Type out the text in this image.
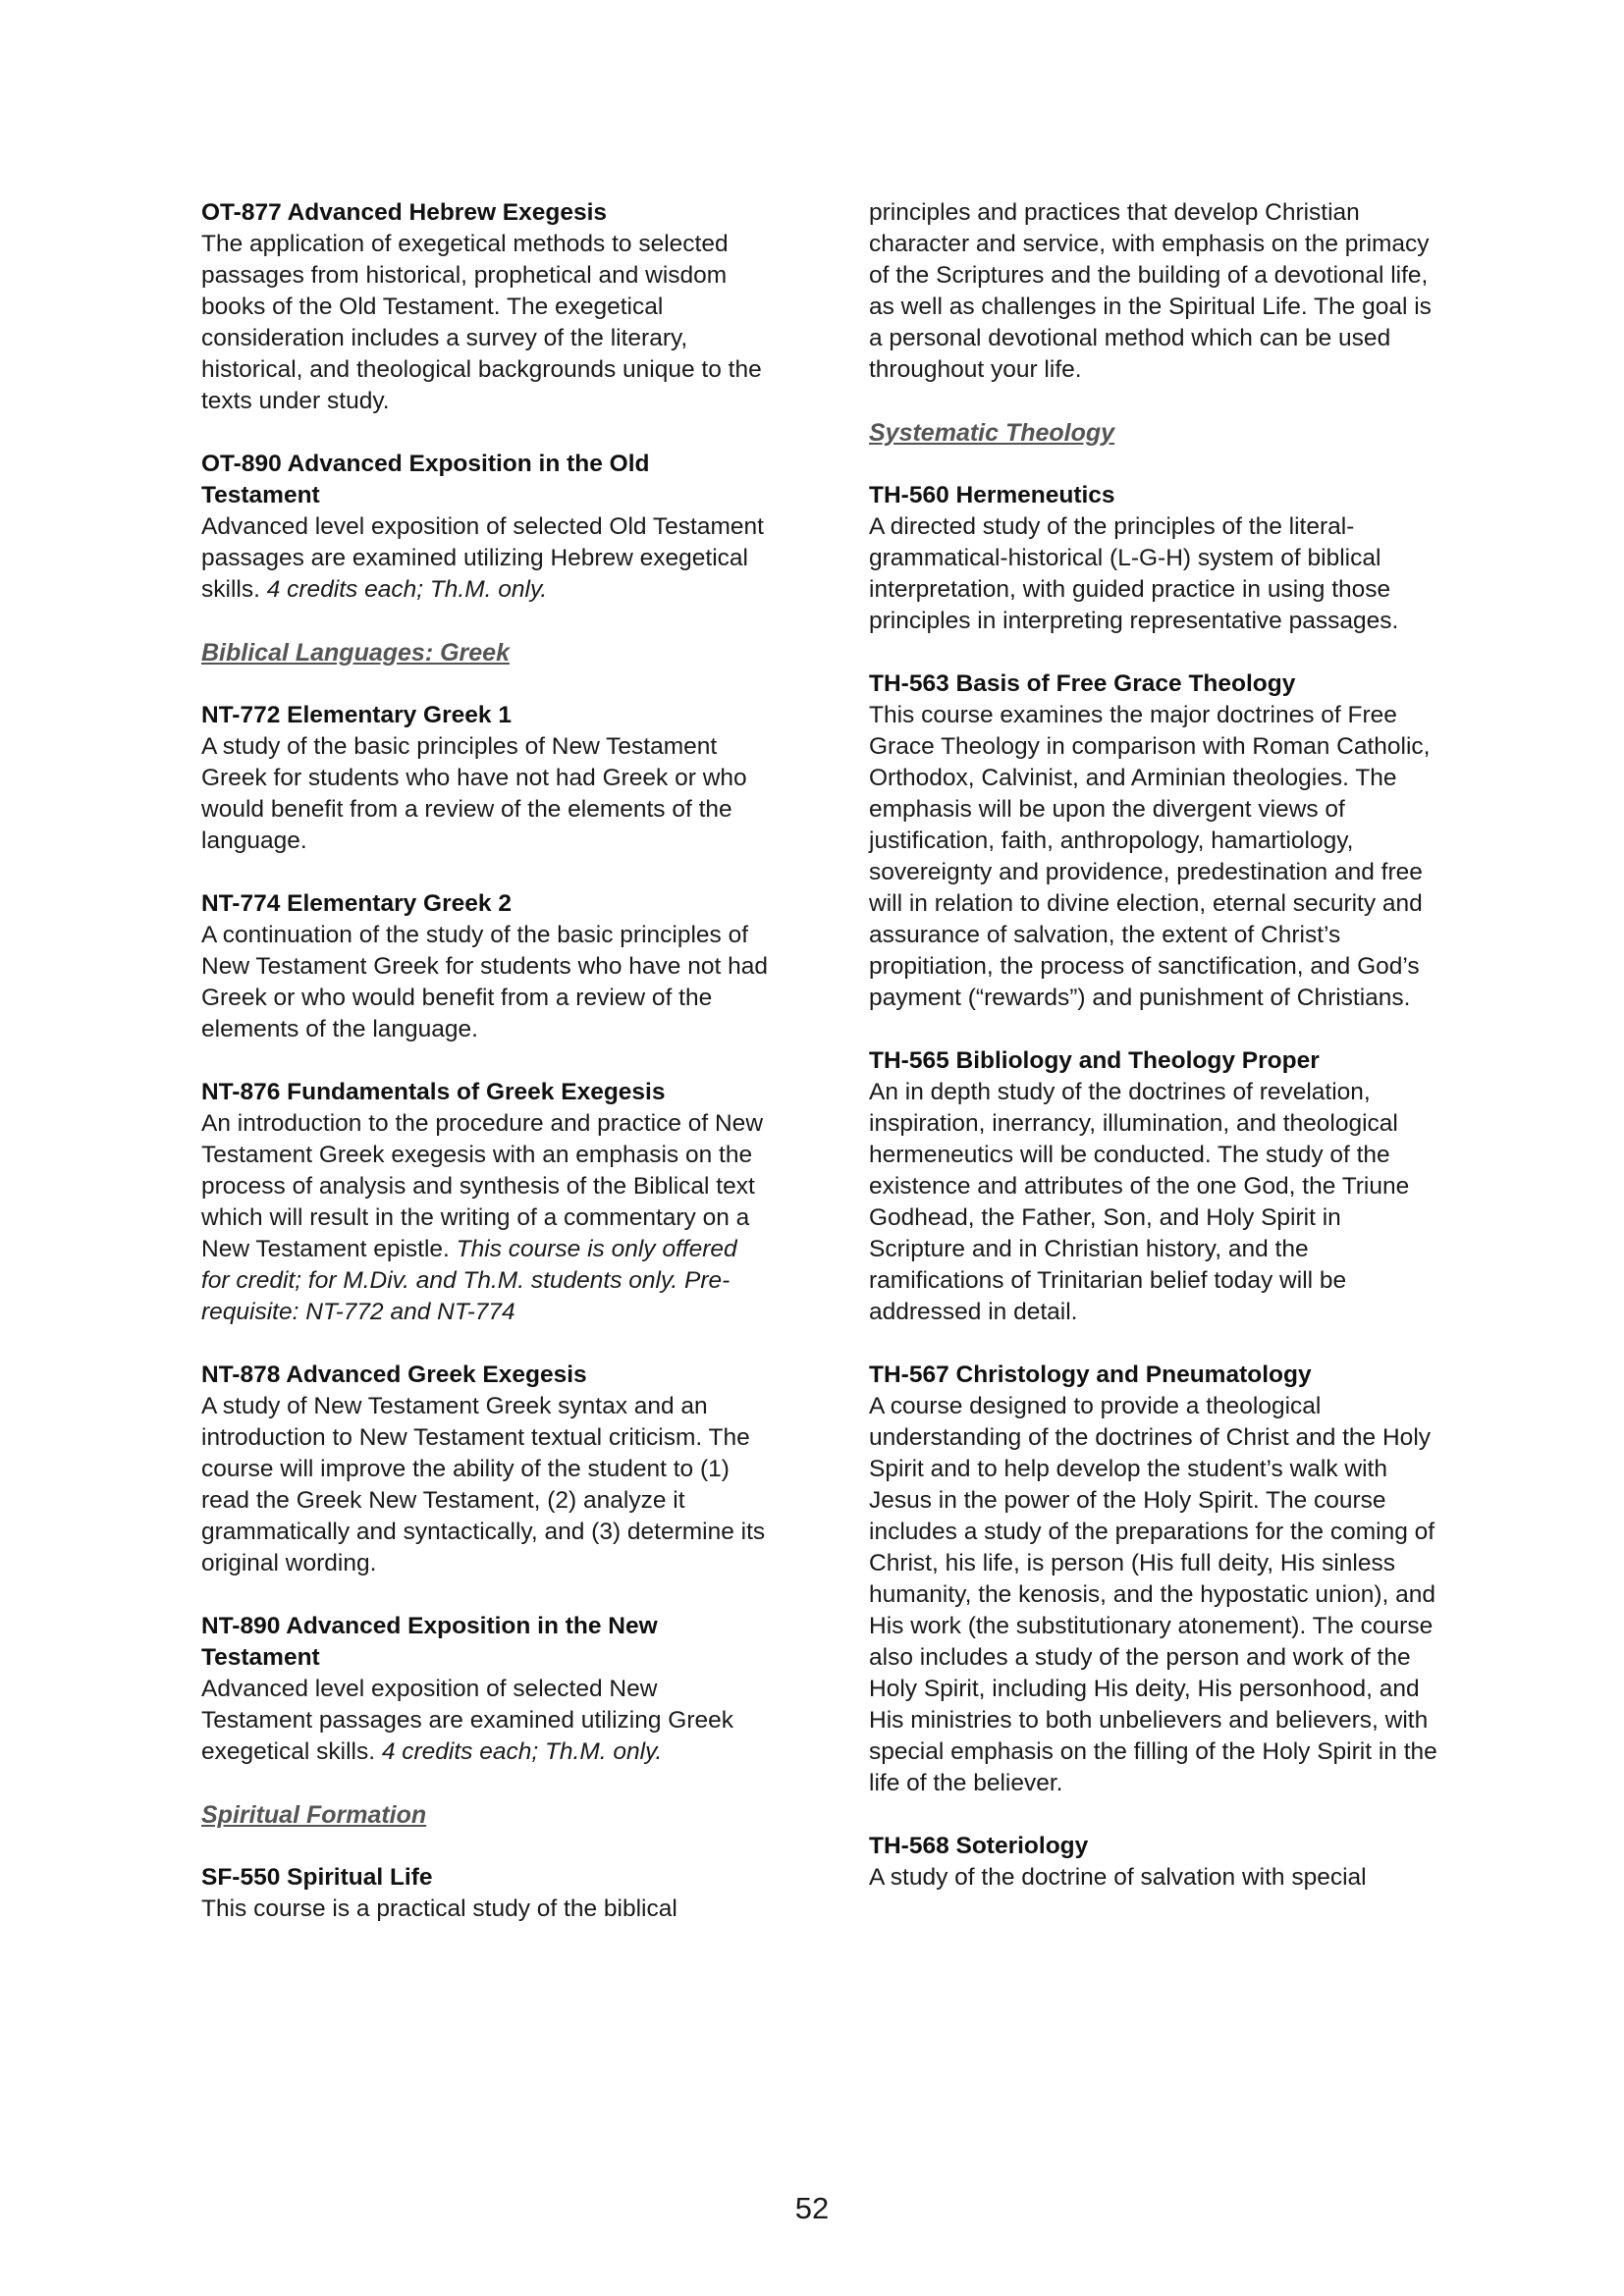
OT-877 Advanced Hebrew Exegesis

The application of exegetical methods to selected passages from historical, prophetical and wisdom books of the Old Testament. The exegetical consideration includes a survey of the literary, historical, and theological backgrounds unique to the texts under study.

OT-890 Advanced Exposition in the Old Testament

Advanced level exposition of selected Old Testament passages are examined utilizing Hebrew exegetical skills. 4 credits each; Th.M. only.

Biblical Languages: Greek

NT-772 Elementary Greek 1

A study of the basic principles of New Testament Greek for students who have not had Greek or who would benefit from a review of the elements of the language.

NT-774 Elementary Greek 2

A continuation of the study of the basic principles of New Testament Greek for students who have not had Greek or who would benefit from a review of the elements of the language.

NT-876 Fundamentals of Greek Exegesis

An introduction to the procedure and practice of New Testament Greek exegesis with an emphasis on the process of analysis and synthesis of the Biblical text which will result in the writing of a commentary on a New Testament epistle. This course is only offered for credit; for M.Div. and Th.M. students only. Pre-requisite: NT-772 and NT-774

NT-878 Advanced Greek Exegesis

A study of New Testament Greek syntax and an introduction to New Testament textual criticism. The course will improve the ability of the student to (1) read the Greek New Testament, (2) analyze it grammatically and syntactically, and (3) determine its original wording.

NT-890 Advanced Exposition in the New Testament

Advanced level exposition of selected New Testament passages are examined utilizing Greek exegetical skills. 4 credits each; Th.M. only.

Spiritual Formation

SF-550 Spiritual Life

This course is a practical study of the biblical

principles and practices that develop Christian character and service, with emphasis on the primacy of the Scriptures and the building of a devotional life, as well as challenges in the Spiritual Life. The goal is a personal devotional method which can be used throughout your life.

Systematic Theology

TH-560 Hermeneutics

A directed study of the principles of the literal-grammatical-historical (L-G-H) system of biblical interpretation, with guided practice in using those principles in interpreting representative passages.

TH-563 Basis of Free Grace Theology

This course examines the major doctrines of Free Grace Theology in comparison with Roman Catholic, Orthodox, Calvinist, and Arminian theologies. The emphasis will be upon the divergent views of justification, faith, anthropology, hamartiology, sovereignty and providence, predestination and free will in relation to divine election, eternal security and assurance of salvation, the extent of Christ’s propitiation, the process of sanctification, and God’s payment (“rewards”) and punishment of Christians.

TH-565 Bibliology and Theology Proper

An in depth study of the doctrines of revelation, inspiration, inerrancy, illumination, and theological hermeneutics will be conducted. The study of the existence and attributes of the one God, the Triune Godhead, the Father, Son, and Holy Spirit in Scripture and in Christian history, and the ramifications of Trinitarian belief today will be addressed in detail.

TH-567 Christology and Pneumatology

A course designed to provide a theological understanding of the doctrines of Christ and the Holy Spirit and to help develop the student’s walk with Jesus in the power of the Holy Spirit. The course includes a study of the preparations for the coming of Christ, his life, is person (His full deity, His sinless humanity, the kenosis, and the hypostatic union), and His work (the substitutionary atonement). The course also includes a study of the person and work of the Holy Spirit, including His deity, His personhood, and His ministries to both unbelievers and believers, with special emphasis on the filling of the Holy Spirit in the life of the believer.

TH-568 Soteriology

A study of the doctrine of salvation with special

52
